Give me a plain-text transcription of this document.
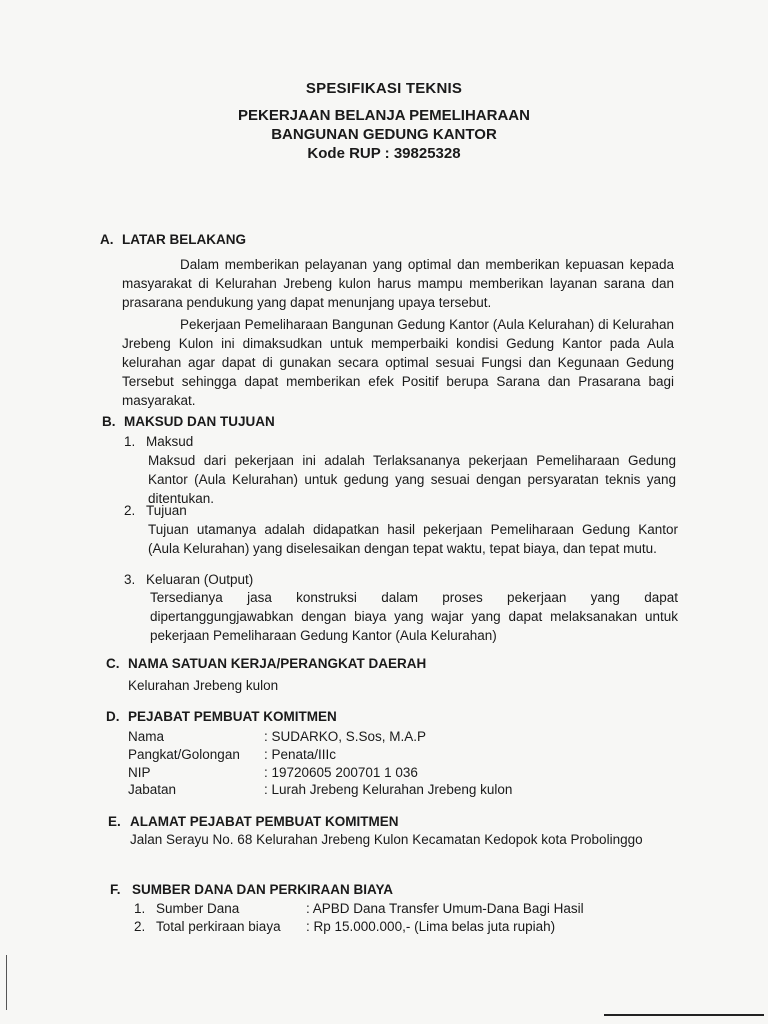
SPESIFIKASI TEKNIS
PEKERJAAN BELANJA PEMELIHARAAN
BANGUNAN GEDUNG KANTOR
Kode RUP : 39825328
A. LATAR BELAKANG
Dalam memberikan pelayanan yang optimal dan memberikan kepuasan kepada masyarakat di Kelurahan Jrebeng kulon harus mampu memberikan layanan sarana dan prasarana pendukung yang dapat menunjang upaya tersebut.
Pekerjaan Pemeliharaan Bangunan Gedung Kantor (Aula Kelurahan) di Kelurahan Jrebeng Kulon ini dimaksudkan untuk memperbaiki kondisi Gedung Kantor pada Aula kelurahan agar dapat di gunakan secara optimal sesuai Fungsi dan Kegunaan Gedung Tersebut sehingga dapat memberikan efek Positif berupa Sarana dan Prasarana bagi masyarakat.
B. MAKSUD DAN TUJUAN
1. Maksud
Maksud dari pekerjaan ini adalah Terlaksananya pekerjaan Pemeliharaan Gedung Kantor (Aula Kelurahan) untuk gedung yang sesuai dengan persyaratan teknis yang ditentukan.
2. Tujuan
Tujuan utamanya adalah didapatkan hasil pekerjaan Pemeliharaan Gedung Kantor (Aula Kelurahan) yang diselesaikan dengan tepat waktu, tepat biaya, dan tepat mutu.
3. Keluaran (Output)
Tersedianya jasa konstruksi dalam proses pekerjaan yang dapat dipertanggungjawabkan dengan biaya yang wajar yang dapat melaksanakan untuk pekerjaan Pemeliharaan Gedung Kantor (Aula Kelurahan)
C. NAMA SATUAN KERJA/PERANGKAT DAERAH
Kelurahan Jrebeng kulon
D. PEJABAT PEMBUAT KOMITMEN
Nama	: SUDARKO, S.Sos, M.A.P
Pangkat/Golongan : Penata/IIIc
NIP	: 19720605 200701 1 036
Jabatan	: Lurah Jrebeng Kelurahan Jrebeng kulon
E. ALAMAT PEJABAT PEMBUAT KOMITMEN
Jalan Serayu No. 68 Kelurahan Jrebeng Kulon Kecamatan Kedopok kota Probolinggo
F. SUMBER DANA DAN PERKIRAAN BIAYA
1. Sumber Dana	: APBD Dana Transfer Umum-Dana Bagi Hasil
2. Total perkiraan biaya : Rp 15.000.000,- (Lima belas juta rupiah)
